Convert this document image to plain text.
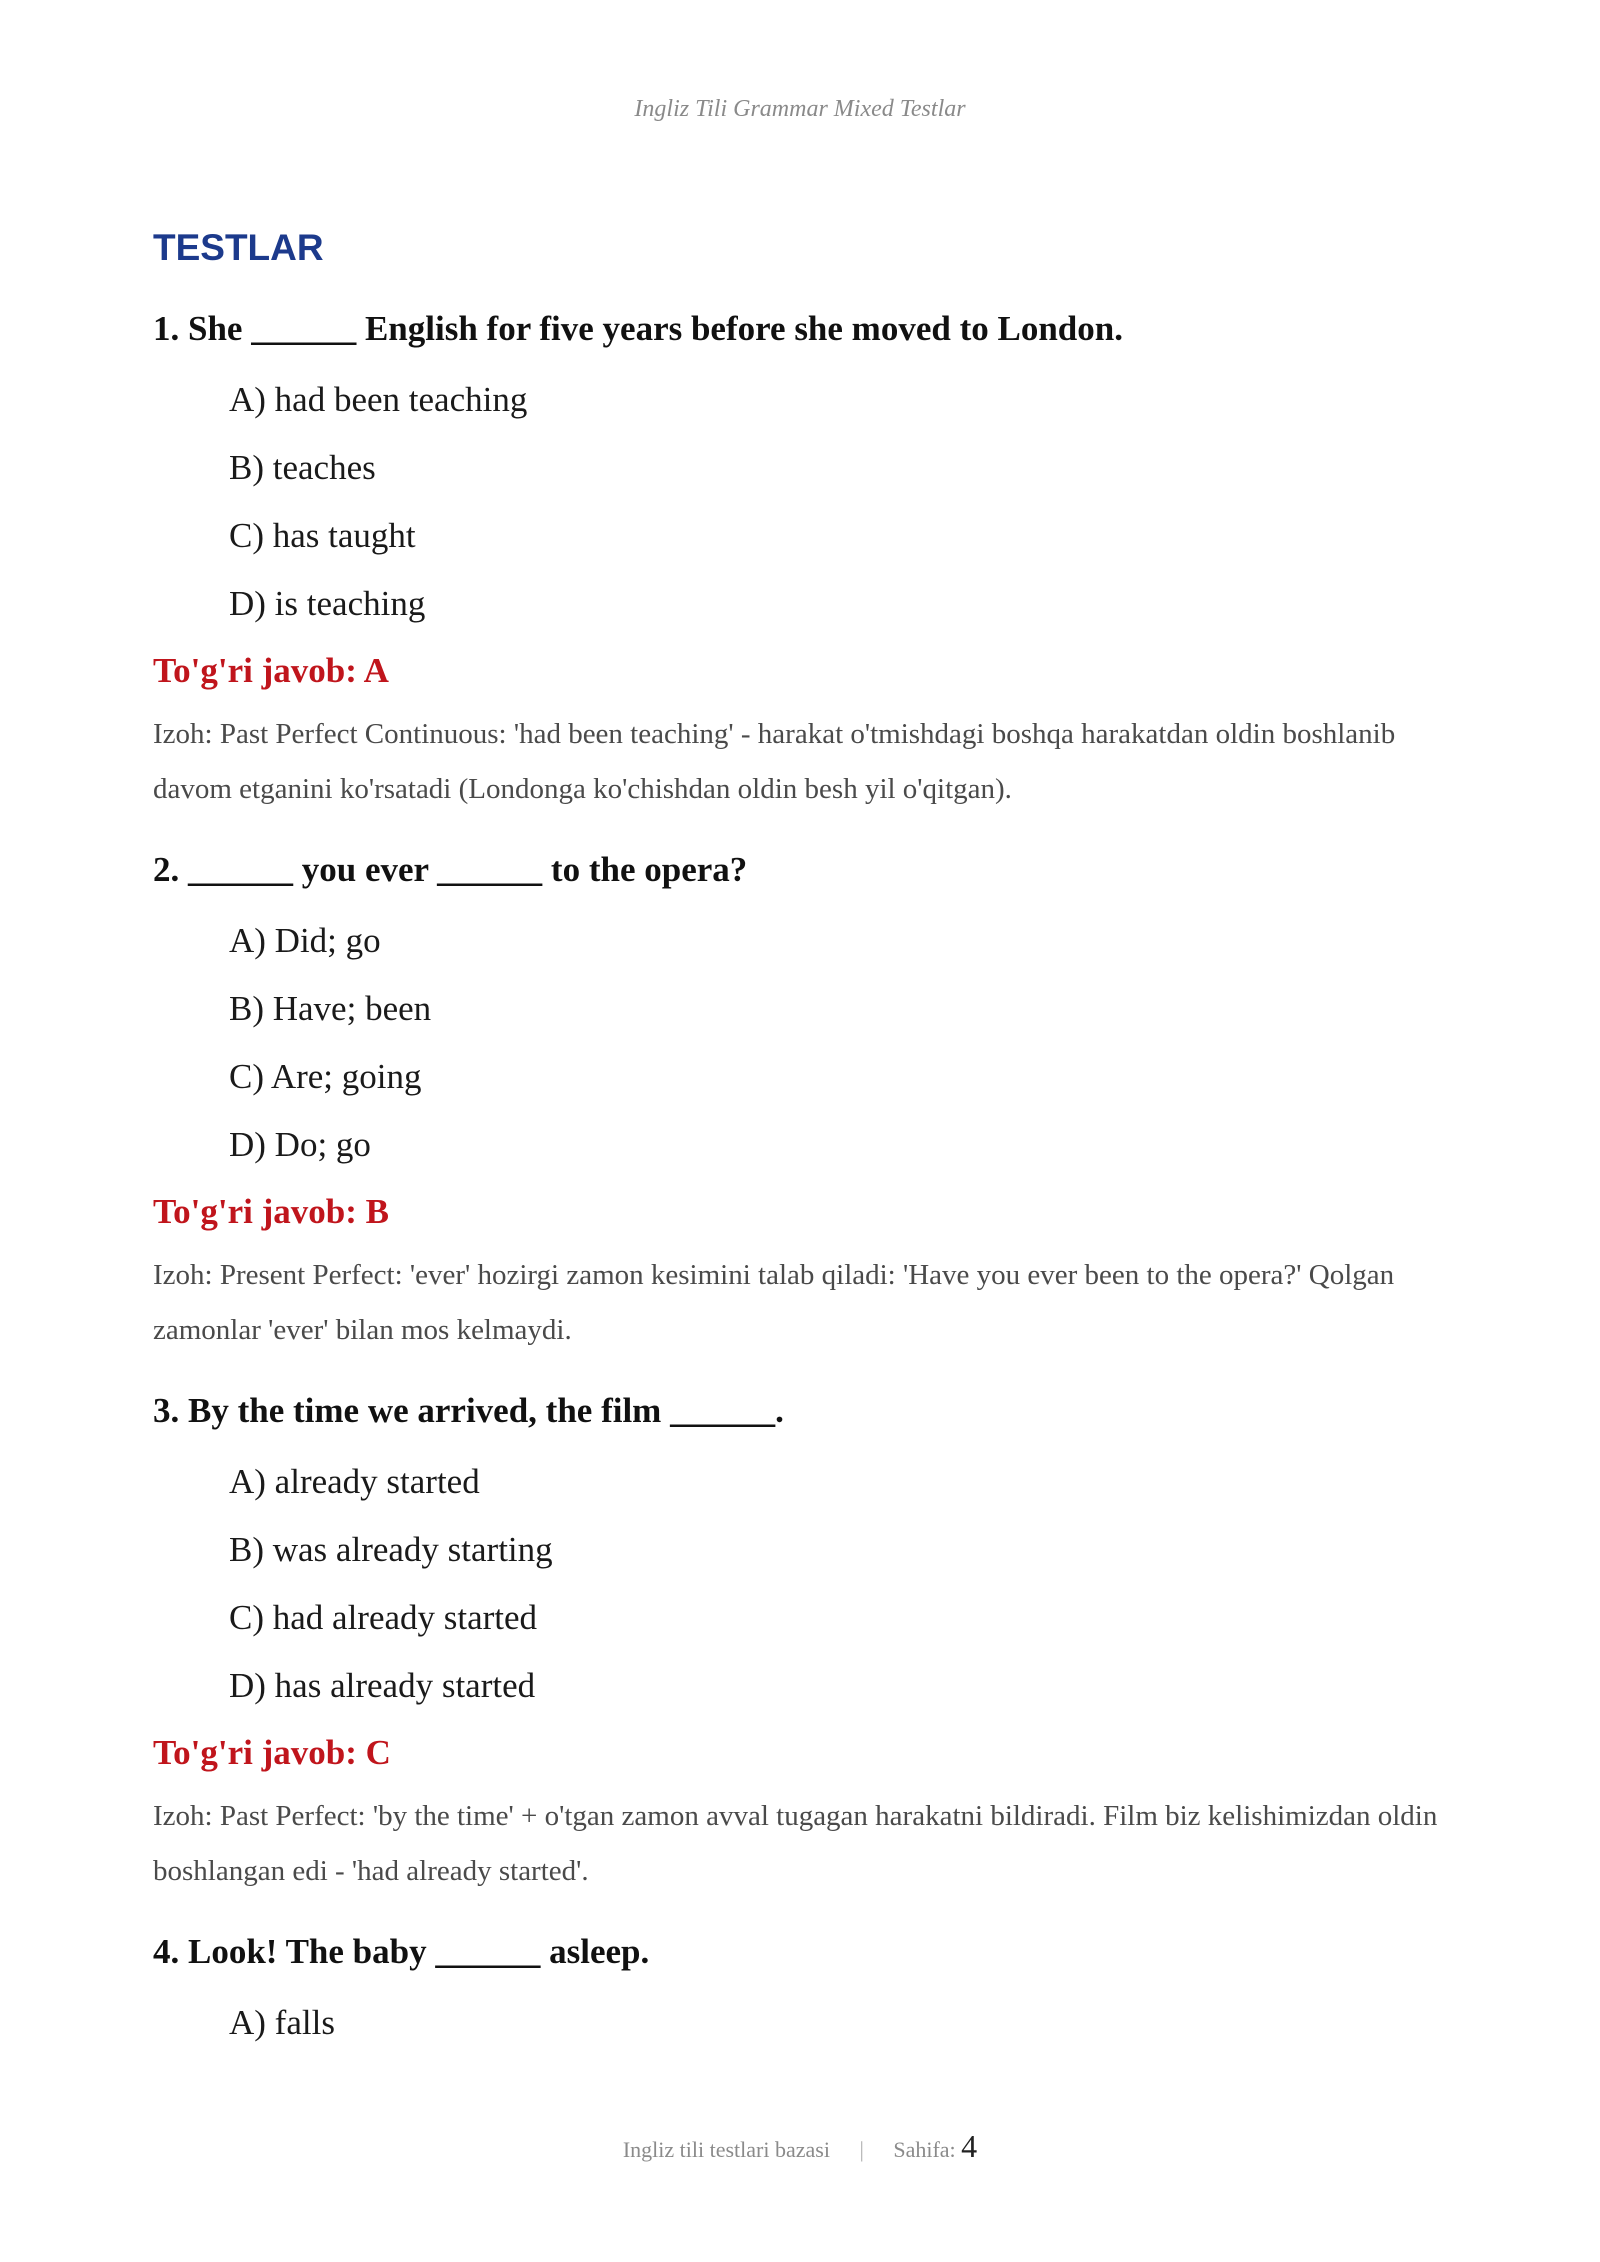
Ingliz Tili Grammar Mixed Testlar
TESTLAR
1. She ______ English for five years before she moved to London.
A) had been teaching
B) teaches
C) has taught
D) is teaching
To'g'ri javob: A
Izoh: Past Perfect Continuous: 'had been teaching' - harakat o'tmishdagi boshqa harakatdan oldin boshlanib davom etganini ko'rsatadi (Londonga ko'chishdan oldin besh yil o'qitgan).
2. ______ you ever ______ to the opera?
A) Did; go
B) Have; been
C) Are; going
D) Do; go
To'g'ri javob: B
Izoh: Present Perfect: 'ever' hozirgi zamon kesimini talab qiladi: 'Have you ever been to the opera?' Qolgan zamonlar 'ever' bilan mos kelmaydi.
3. By the time we arrived, the film ______.
A) already started
B) was already starting
C) had already started
D) has already started
To'g'ri javob: C
Izoh: Past Perfect: 'by the time' + o'tgan zamon avval tugagan harakatni bildiradi. Film biz kelishimizdan oldin boshlangan edi - 'had already started'.
4. Look! The baby ______ asleep.
A) falls
Ingliz tili testlari bazasi | Sahifa: 4
